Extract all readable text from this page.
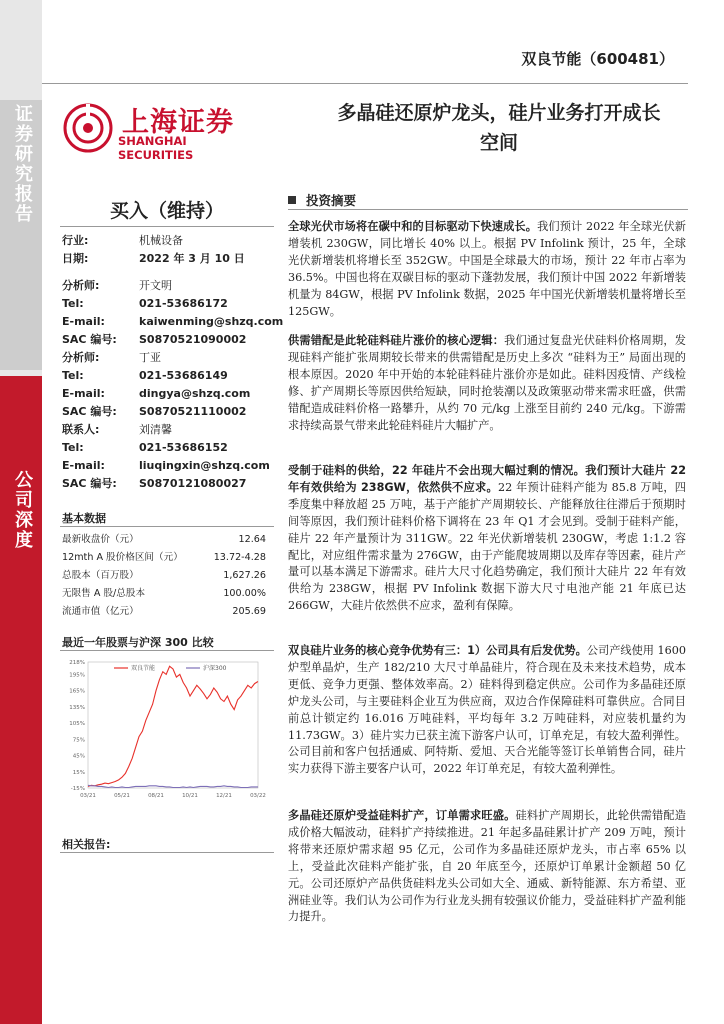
证券研究报告
公司深度
双良节能（600481）
上海证券
SHANGHAI SECURITIES
多晶硅还原炉龙头，硅片业务打开成长
空间
买入（维持）
行业:	机械设备
日期:	2022 年 3 月 10 日
分析师:	开文明
Tel:	021-53686172
E-mail:	kaiwenming@shzq.com
SAC 编号: S0870521090002
分析师:	丁亚
Tel:	021-53686149
E-mail:	dingya@shzq.com
SAC 编号: S0870521110002
联系人:	刘清馨
Tel:	021-53686152
E-mail:	liuqingxin@shzq.com
SAC 编号: S0870121080027
基本数据
最新收盘价（元）	12.64
12mth A 股价格区间（元）	13.72-4.28
总股本（百万股）	1,627.26
无限售 A 股/总股本	100.00%
流通市值（亿元）	205.69
最近一年股票与沪深 300 比较
-15%
15%
45%
75%
105%
135%
165%
195%
218%
03/21	05/21	08/21	10/21	12/21	03/22
双良节能	沪深300
相关报告:
投资摘要
全球光伏市场将在碳中和的目标驱动下快速成长。我们预计 2022 年全球光伏新增装机 230GW，同比增长 40% 以上。根据 PV Infolink 预计，25 年，全球光伏新增装机将增长至 352GW。中国是全球最大的市场，预计 22 年市占率为 36.5%。中国也将在双碳目标的驱动下蓬勃发展，我们预计中国 2022 年新增装机量为 84GW，根据 PV Infolink 数据，2025 年中国光伏新增装机量将增长至 125GW。
供需错配是此轮硅料硅片涨价的核心逻辑：我们通过复盘光伏硅料价格周期，发现硅料产能扩张周期较长带来的供需错配是历史上多次 “硅料为王” 局面出现的根本原因。2020 年中开始的本轮硅料硅片涨价亦是如此。硅料因疫情、产线检修、扩产周期长等原因供给短缺，同时抢装潮以及政策驱动带来需求旺盛，供需错配造成硅料价格一路攀升，从约 70 元/kg 上涨至目前约 240 元/kg。下游需求持续高景气带来此轮硅料硅片大幅扩产。
受制于硅料的供给，22 年硅片不会出现大幅过剩的情况。我们预计大硅片 22 年有效供给为 238GW，依然供不应求。22 年预计硅料产能为 85.8 万吨，四季度集中释放超 25 万吨，基于产能扩产周期较长、产能释放往往滞后于预期时间等原因，我们预计硅料价格下调将在 23 年 Q1 才会见到。受制于硅料产能，硅片 22 年产量预计为 311GW。22 年光伏新增装机 230GW，考虑 1:1.2 容配比，对应组件需求量为 276GW，由于产能爬坡周期以及库存等因素，硅片产量可以基本满足下游需求。硅片大尺寸化趋势确定，我们预计大硅片 22 年有效供给为 238GW，根据 PV Infolink 数据下游大尺寸电池产能 21 年底已达 266GW，大硅片依然供不应求，盈利有保障。
双良硅片业务的核心竞争优势有三：1）公司具有后发优势。公司产线使用 1600 炉型单晶炉，生产 182/210 大尺寸单晶硅片，符合现在及未来技术趋势，成本更低、竞争力更强、整体效率高。2）硅料得到稳定供应。公司作为多晶硅还原炉龙头公司，与主要硅料企业互为供应商，双边合作保障硅料可靠供应。合同目前总计锁定约 16.016 万吨硅料，平均每年 3.2 万吨硅料，对应装机量约为 11.73GW。3）硅片实力已获主流下游客户认可，订单充足，有较大盈利弹性。公司目前和客户包括通威、阿特斯、爱旭、天合光能等签订长单销售合同，硅片实力获得下游主要客户认可，2022 年订单充足，有较大盈利弹性。
多晶硅还原炉受益硅料扩产，订单需求旺盛。硅料扩产周期长，此轮供需错配造成价格大幅波动，硅料扩产持续推进。21 年起多晶硅累计扩产 209 万吨，预计将带来还原炉需求超 95 亿元，公司作为多晶硅还原炉龙头，市占率 65% 以上，受益此次硅料产能扩张，自 20 年底至今，还原炉订单累计金额超 50 亿元。公司还原炉产品供货硅料龙头公司如大全、通威、新特能源、东方希望、亚洲硅业等。我们认为公司作为行业龙头拥有较强议价能力，受益硅料扩产盈利能力提升。
